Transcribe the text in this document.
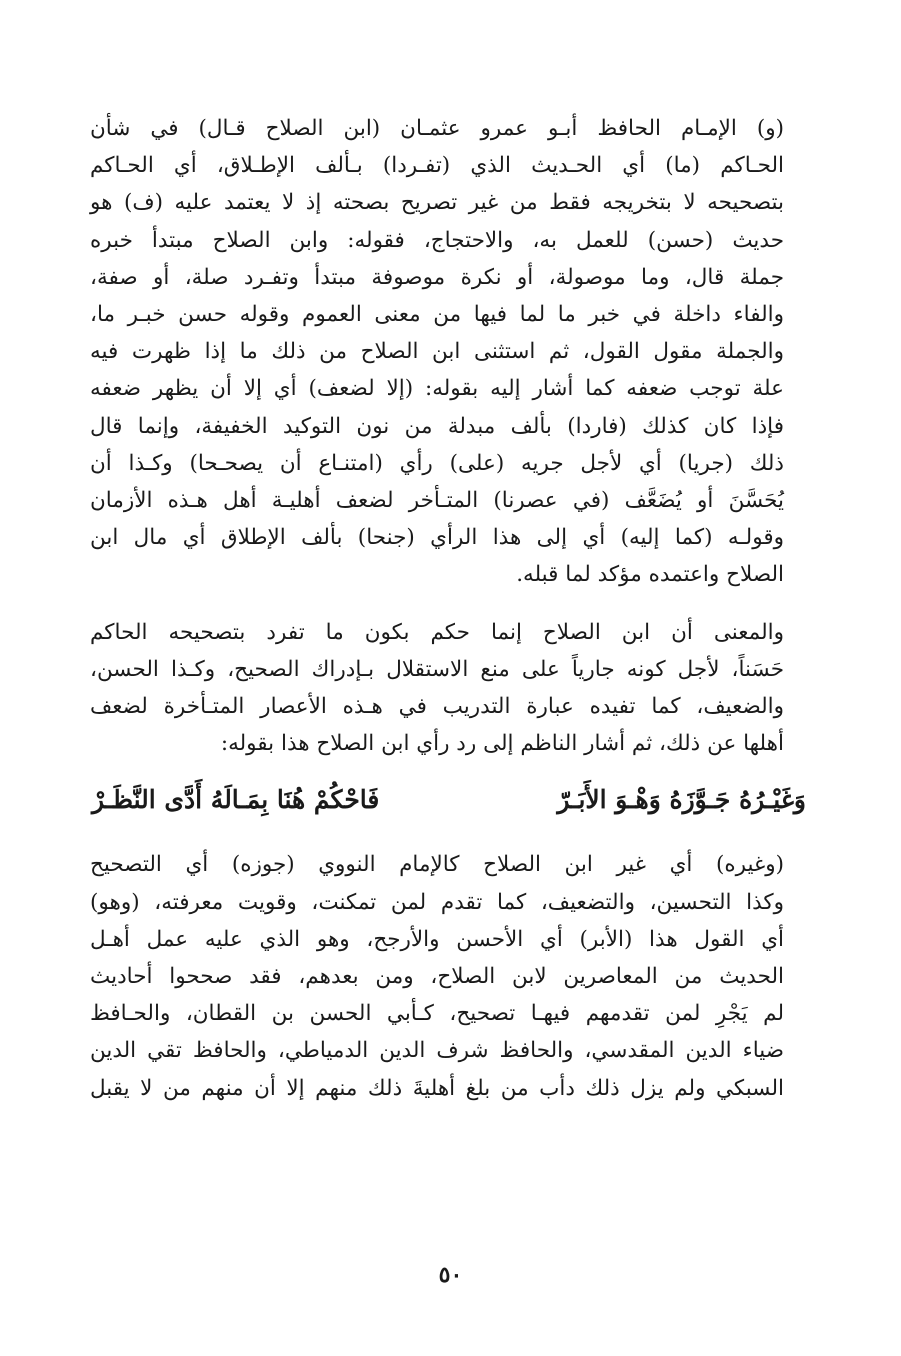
(و) الإمـام الحافظ أبـو عمرو عثمـان (ابن الصلاح قـال) في شأن
الحـاكم (ما) أي الحـديث الذي (تفـردا) بـألف الإطـلاق، أي الحـاكم
بتصحيحه لا بتخريجه فقط من غير تصريح بصحته إذ لا يعتمد عليه (ف) هو
حديث (حسن) للعمل به، والاحتجاج، فقوله: وابن الصلاح مبتدأ خبره
جملة قال، وما موصولة، أو نكرة موصوفة مبتدأ وتفـرد صلة، أو صفة،
والفاء داخلة في خبر ما لما فيها من معنى العموم وقوله حسن خبـر ما،
والجملة مقول القول، ثم استثنى ابن الصلاح من ذلك ما إذا ظهرت فيه
علة توجب ضعفه كما أشار إليه بقوله: (إلا لضعف) أي إلا أن يظهر ضعفه
فإذا كان كذلك (فاردا) بألف مبدلة من نون التوكيد الخفيفة، وإنما قال
ذلك (جريا) أي لأجل جريه (على) رأي (امتنـاع أن يصحـحا) وكـذا أن
يُحَسَّنَ أو يُضَعَّف (في عصرنا) المتـأخر لضعف أهليـة أهل هـذه الأزمان
وقولـه (كما إليه) أي إلى هذا الرأي (جنحا) بألف الإطلاق أي مال ابن
الصلاح واعتمده مؤكد لما قبله.

والمعنى أن ابن الصلاح إنما حكم بكون ما تفرد بتصحيحه الحاكم
حَسَناً، لأجل كونه جارياً على منع الاستقلال بـإدراك الصحيح، وكـذا الحسن،
والضعيف، كما تفيده عبارة التدريب في هـذه الأعصار المتـأخرة لضعف
أهلها عن ذلك، ثم أشار الناظم إلى رد رأي ابن الصلاح هذا بقوله:

وَغَيْـرُهُ جَـوَّزَهُ وَهْـوَ الأَبَـرّ
فَاحْكُمْ هُنَا بِمَـالَهُ أَدَّى النَّظَـرْ

(وغيره) أي غير ابن الصلاح كالإمام النووي (جوزه) أي التصحيح
وكذا التحسين، والتضعيف، كما تقدم لمن تمكنت، وقويت معرفته، (وهو)
أي القول هذا (الأبر) أي الأحسن والأرجح، وهو الذي عليه عمل أهـل
الحديث من المعاصرين لابن الصلاح، ومن بعدهم، فقد صححوا أحاديث
لم يَجْرِ لمن تقدمهم فيهـا تصحيح، كـأبي الحسن بن القطان، والحـافظ
ضياء الدين المقدسي، والحافظ شرف الدين الدمياطي، والحافظ تقي الدين
السبكي ولم يزل ذلك دأب من بلغ أهليةَ ذلك منهم إلا أن منهم من لا يقبل

٥٠
